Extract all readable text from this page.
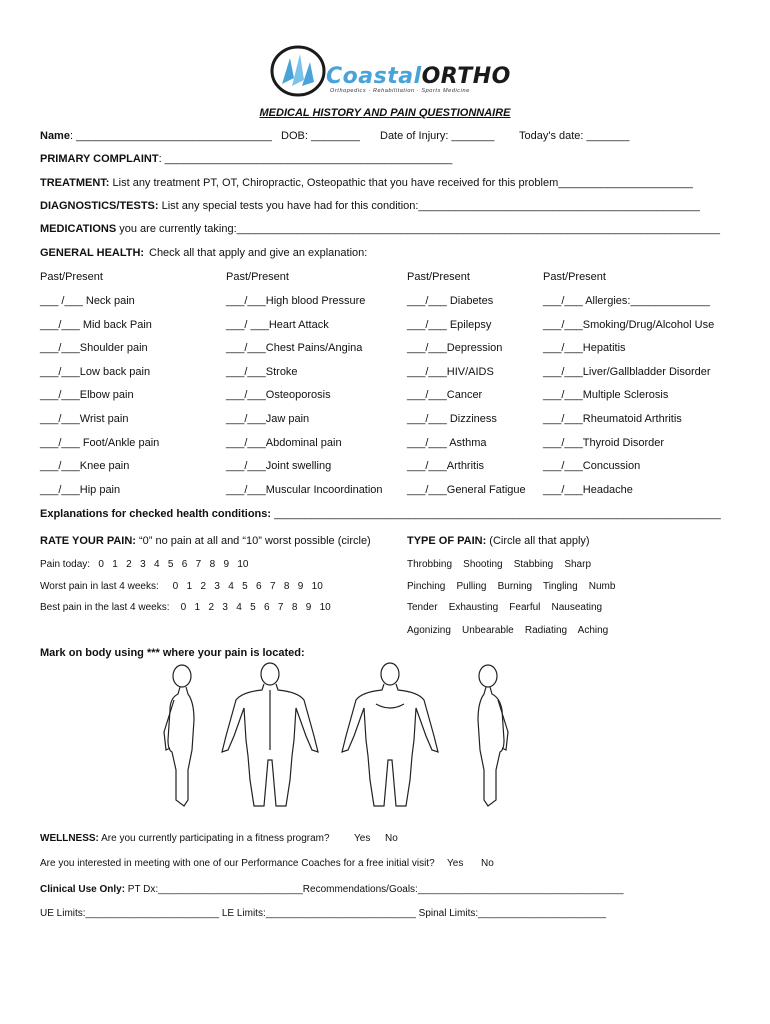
CoastalORTHO
Orthopedics · Rehabilitation · Sports Medicine
MEDICAL HISTORY AND PAIN QUESTIONNAIRE
Name: ________________________________ DOB: ________ Date of Injury: _______ Today's date: _______
PRIMARY COMPLAINT: _______________________________________________
TREATMENT: List any treatment PT, OT, Chiropractic, Osteopathic that you have received for this problem______________________
DIAGNOSTICS/TESTS: List any special tests you have had for this condition:______________________________________________
MEDICATIONS you are currently taking:_______________________________________________________________________________
GENERAL HEALTH: Check all that apply and give an explanation:
Past/Present	Past/Present	Past/Present	Past/Present
___ /___ Neck pain	___/___High blood Pressure	___/___ Diabetes	___/___ Allergies:_____________
___/___ Mid back Pain	___/ ___Heart Attack	___/___ Epilepsy	___/___Smoking/Drug/Alcohol Use
___/___Shoulder pain	___/___Chest Pains/Angina	___/___Depression	___/___Hepatitis
___/___Low back pain	___/___Stroke	___/___HIV/AIDS	___/___Liver/Gallbladder Disorder
___/___Elbow pain	___/___Osteoporosis	___/___Cancer	___/___Multiple Sclerosis
___/___Wrist pain	___/___Jaw pain	___/___ Dizziness	___/___Rheumatoid Arthritis
___/___ Foot/Ankle pain	___/___Abdominal pain	___/___ Asthma	___/___Thyroid Disorder
___/___Knee pain	___/___Joint swelling	___/___Arthritis	___/___Concussion
___/___Hip pain	___/___Muscular Incoordination ___/___General Fatigue ___/___Headache
Explanations for checked health conditions: _________________________________________________________________________
RATE YOUR PAIN: “0” no pain at all and “10” worst possible (circle)	TYPE OF PAIN: (Circle all that apply)
Pain today: 0   1   2   3   4   5   6   7   8   9   10
Worst pain in last 4 weeks: 0   1   2   3   4   5   6   7   8   9   10
Best pain in the last 4 weeks: 0   1   2   3   4   5   6   7   8   9   10
Throbbing    Shooting    Stabbing    Sharp
Pinching    Pulling    Burning    Tingling    Numb
Tender    Exhausting    Fearful    Nauseating
Agonizing    Unbearable    Radiating    Aching
Mark on body using *** where your pain is located:
WELLNESS: Are you currently participating in a fitness program? Yes No
Are you interested in meeting with one of our Performance Coaches for a free initial visit? Yes No
Clinical Use Only: PT Dx:__________________________Recommendations/Goals:_____________________________________
UE Limits:________________________ LE Limits:___________________________ Spinal Limits:_______________________
